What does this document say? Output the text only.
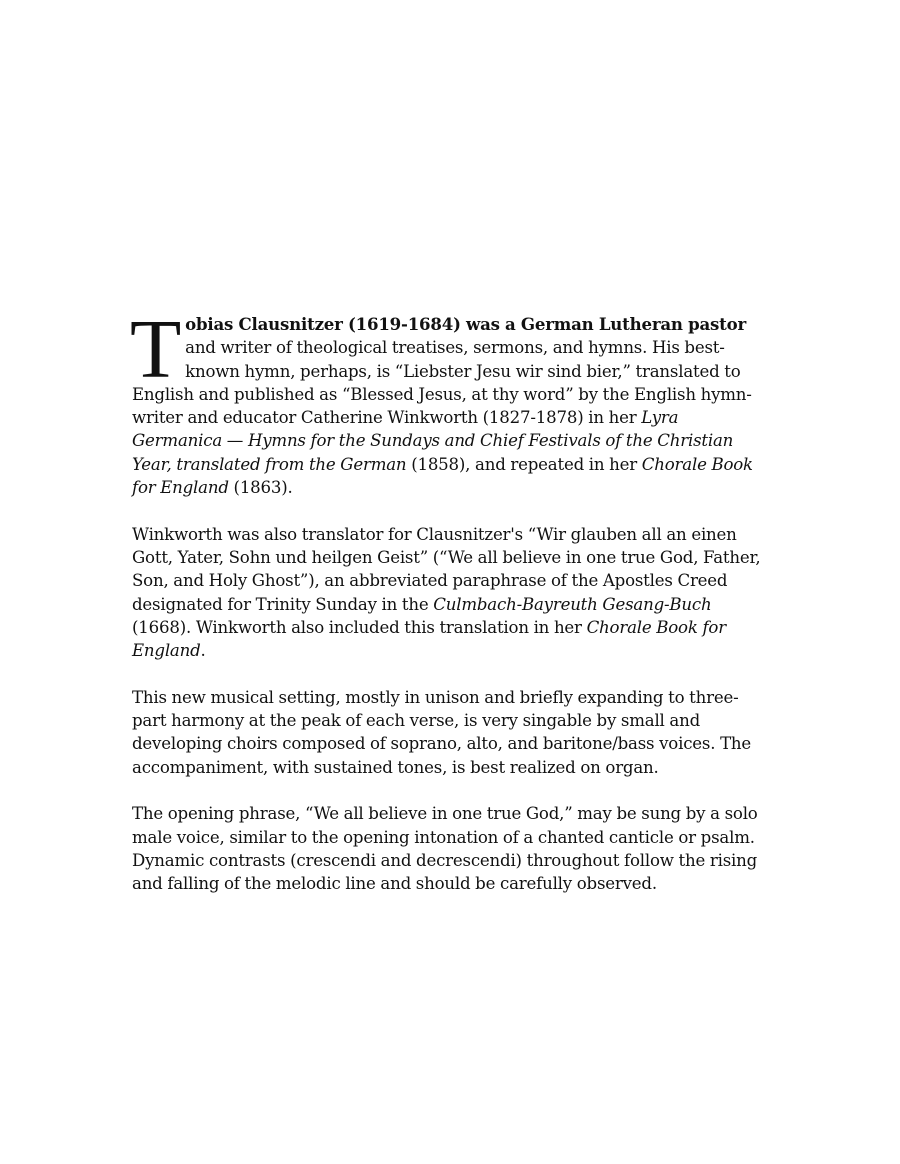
Tobias Clausnitzer (1619-1684) was a German Lutheran pastor and writer of theological treatises, sermons, and hymns. His best-known hymn, perhaps, is “Liebster Jesu wir sind bier,” translated to English and published as “Blessed Jesus, at thy word” by the English hymn-writer and educator Catherine Winkworth (1827-1878) in her Lyra Germanica — Hymns for the Sundays and Chief Festivals of the Christian Year, translated from the German (1858), and repeated in her Chorale Book for England (1863).

Winkworth was also translator for Clausnitzer's “Wir glauben all an einen Gott, Yater, Sohn und heilgen Geist” (“We all believe in one true God, Father, Son, and Holy Ghost”), an abbreviated paraphrase of the Apostles Creed designated for Trinity Sunday in the Culmbach-Bayreuth Gesang-Buch (1668). Winkworth also included this translation in her Chorale Book for England.

This new musical setting, mostly in unison and briefly expanding to three-part harmony at the peak of each verse, is very singable by small and developing choirs composed of soprano, alto, and baritone/bass voices. The accompaniment, with sustained tones, is best realized on organ.

The opening phrase, “We all believe in one true God,” may be sung by a solo male voice, similar to the opening intonation of a chanted canticle or psalm. Dynamic contrasts (crescendi and decrescendi) throughout follow the rising and falling of the melodic line and should be carefully observed.
